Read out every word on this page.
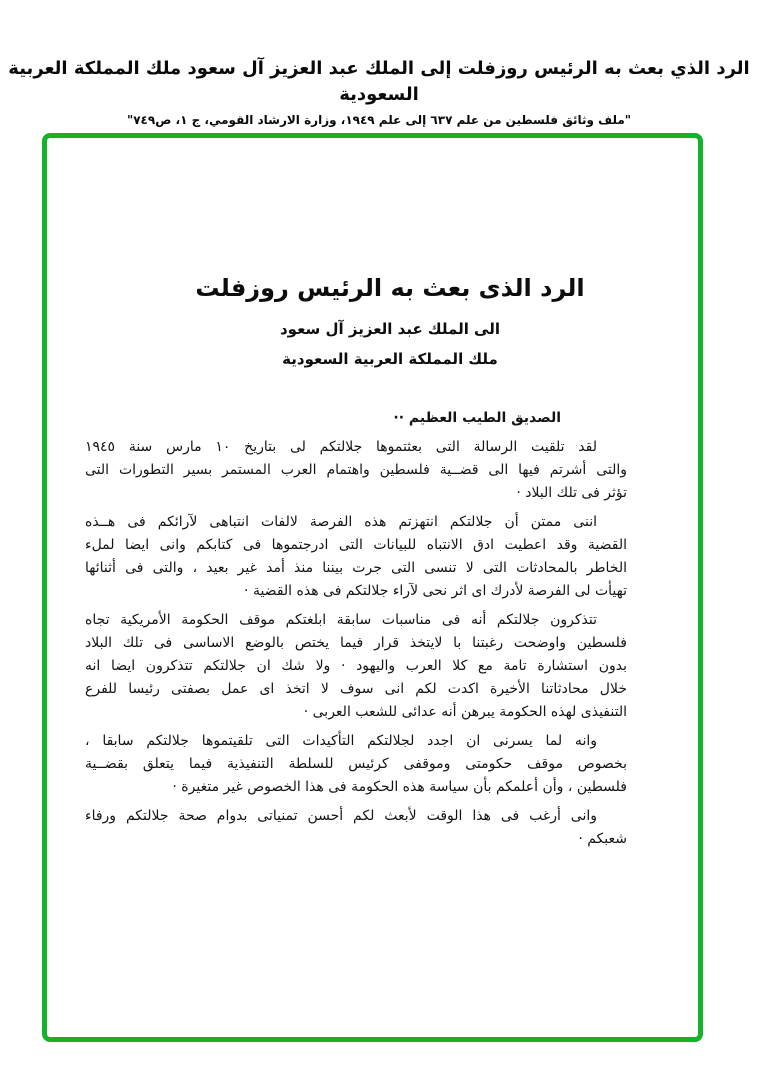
الرد الذي بعث به الرئيس روزفلت إلى الملك عبد العزيز آل سعود ملك المملكة العربية السعودية
"ملف وثائق فلسطين من علم ٦٣٧ إلى علم ١٩٤٩، وزارة الارشاد القومي، ج ١، ص٧٤٩"
الرد الذى بعث به الرئيس روزفلت
الى الملك عبد العزيز آل سعود
ملك المملكة العربية السعودية
الصديق الطيب العظيم ··
لقد تلقيت الرسالة التى بعثتموها جلالتكم لى بتاريخ ١٠ مارس سنة ١٩٤٥
والتى أشرتم فيها الى قضــية فلسطين واهتمام العرب المستمر بسير التطورات التى
تؤثر فى تلك البلاد ·
اننى ممتن أن جلالتكم انتهزتم هذه الفرصة لالفات انتباهى لآرائكم فى هــذه
القضية وقد اعطيت ادق الانتباه للبيانات التى ادرجتموها فى كتابكم وانى ايضا لملء
الخاطر بالمحادثات التى لا تنسى التى جرت بيننا منذ أمد غير بعيد ، والتى فى أثنائها
تهيأت لى الفرصة لأدرك اى اثر نحى لآراء جلالتكم فى هذه القضية ·
تتذكرون جلالتكم أنه فى مناسبات سابقة ابلغتكم موقف الحكومة الأمريكية تجاه
فلسطين واوضحت رغبتنا با لايتخذ قرار فيما يختص بالوضع الاساسى فى تلك البلاد
بدون استشارة تامة مع كلا العرب واليهود · ولا شك ان جلالتكم تتذكرون ايضا انه
خلال محادثاتنا الأخيرة اكدت لكم انى سوف لا اتخذ اى عمل بصفتى رئيسا للفرع
التنفيذى لهذه الحكومة يبرهن أنه عدائى للشعب العربى ·
وانه لما يسرنى ان اجدد لجلالتكم التأكيدات التى تلقيتموها جلالتكم سابقا ،
بخصوص موقف حكومتى وموقفى كرئيس للسلطة التنفيذية فيما يتعلق بقضــية
فلسطين ، وأن أعلمكم بأن سياسة هذه الحكومة فى هذا الخصوص غير متغيرة ·
وانى أرغب فى هذا الوقت لأبعث لكم أحسن تمنياتى بدوام صحة جلالتكم ورفاء
شعبكم ·
